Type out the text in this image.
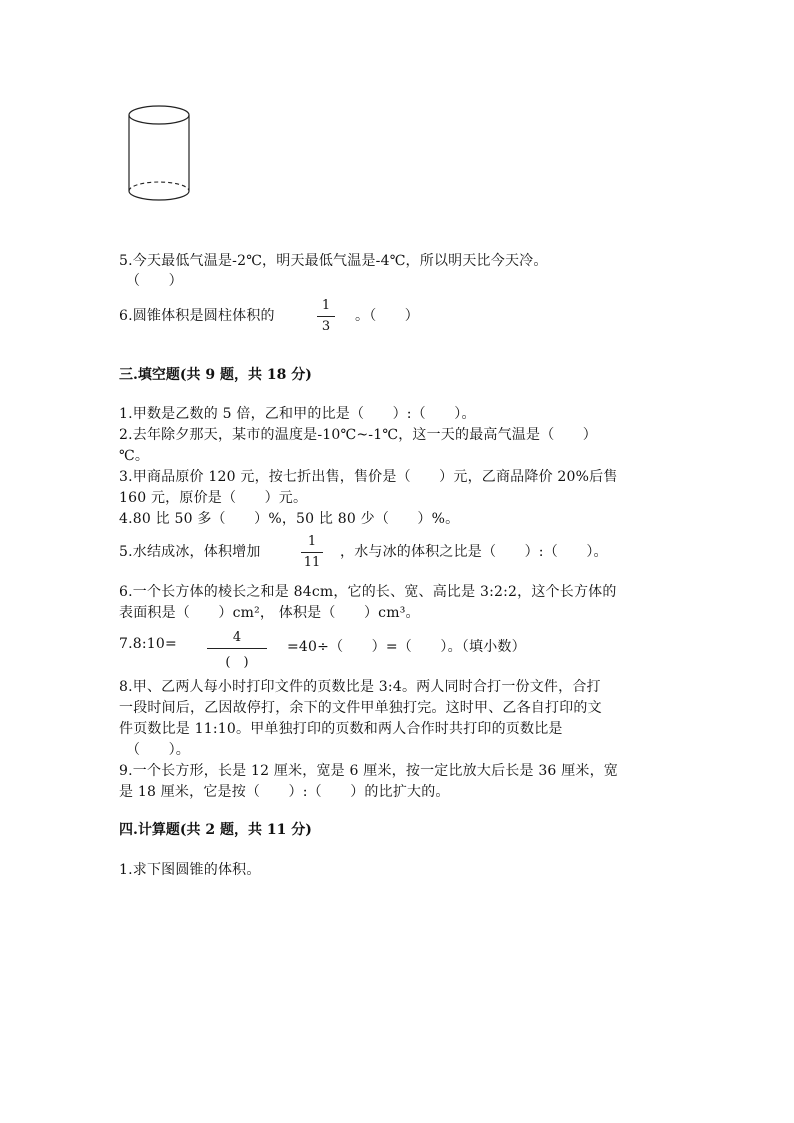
5.今天最低气温是-2℃，明天最低气温是-4℃，所以明天比今天冷。
（　　）
6.圆锥体积是圆柱体积的
1
3
。（　　）
三.填空题(共 9 题，共 18 分)
1.甲数是乙数的 5 倍，乙和甲的比是（　　）:（　　）。
2.去年除夕那天，某市的温度是-10℃~-1℃，这一天的最高气温是（　　）
℃。
3.甲商品原价 120 元，按七折出售，售价是（　　）元，乙商品降价 20%后售
160 元，原价是（　　）元。
4.80 比 50 多（　　）%，50 比 80 少（　　）%。
5.水结成冰，体积增加
1
11
，水与冰的体积之比是（　　）:（　　）。
6.一个长方体的棱长之和是 84cm，它的长、宽、高比是 3:2:2，这个长方体的
表面积是（　　）cm²， 体积是（　　）cm³。
7.8:10=	4
(　)
=40÷（　　）=（　　）。（填小数）
8.甲、乙两人每小时打印文件的页数比是 3:4。两人同时合打一份文件，合打
一段时间后，乙因故停打，余下的文件甲单独打完。这时甲、乙各自打印的文
件页数比是 11:10。甲单独打印的页数和两人合作时共打印的页数比是
（　　）。
9.一个长方形，长是 12 厘米，宽是 6 厘米，按一定比放大后长是 36 厘米，宽
是 18 厘米，它是按（　　）:（　　）的比扩大的。
四.计算题(共 2 题，共 11 分)
1.求下图圆锥的体积。
